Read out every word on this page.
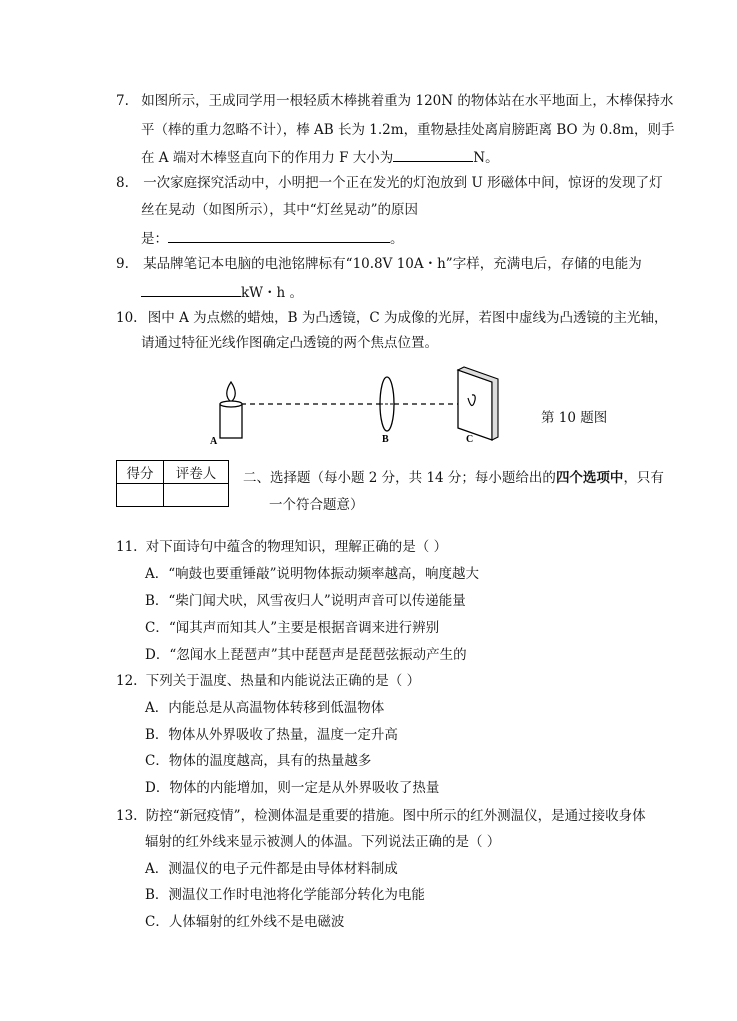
7. 如图所示，王成同学用一根轻质木棒挑着重为 120N 的物体站在水平地面上，木棒保持水
平（棒的重力忽略不计），棒 AB 长为 1.2m，重物悬挂处离肩膀距离 BO 为 0.8m，则手
在 A 端对木棒竖直向下的作用力 F 大小为	N。
8. 一次家庭探究活动中，小明把一个正在发光的灯泡放到 U 形磁体中间，惊讶的发现了灯
丝在晃动（如图所示），其中“灯丝晃动”的原因
是：	。
9. 某品牌笔记本电脑的电池铭牌标有“10.8V 10A・h”字样，充满电后，存储的电能为
kW・h 。
10. 图中 A 为点燃的蜡烛，B 为凸透镜，C 为成像的光屏，若图中虚线为凸透镜的主光轴，
请通过特征光线作图确定凸透镜的两个焦点位置。
A	B	C
第 10 题图
得分	评卷人
	二、选择题（每小题 2 分，共 14 分；每小题给出的四个选项中，只有
一个符合题意）
11. 对下面诗句中蕴含的物理知识，理解正确的是（ ）
A．“响鼓也要重锤敲”说明物体振动频率越高，响度越大
B．“柴门闻犬吠，风雪夜归人”说明声音可以传递能量
C．“闻其声而知其人”主要是根据音调来进行辨别
D．“忽闻水上琵琶声”其中琵琶声是琵琶弦振动产生的
12. 下列关于温度、热量和内能说法正确的是（ ）
A．内能总是从高温物体转移到低温物体
B．物体从外界吸收了热量，温度一定升高
C．物体的温度越高，具有的热量越多
D．物体的内能增加，则一定是从外界吸收了热量
13. 防控“新冠疫情”，检测体温是重要的措施。图中所示的红外测温仪，是通过接收身体
辐射的红外线来显示被测人的体温。下列说法正确的是（ ）
A．测温仪的电子元件都是由导体材料制成
B．测温仪工作时电池将化学能部分转化为电能
C．人体辐射的红外线不是电磁波
